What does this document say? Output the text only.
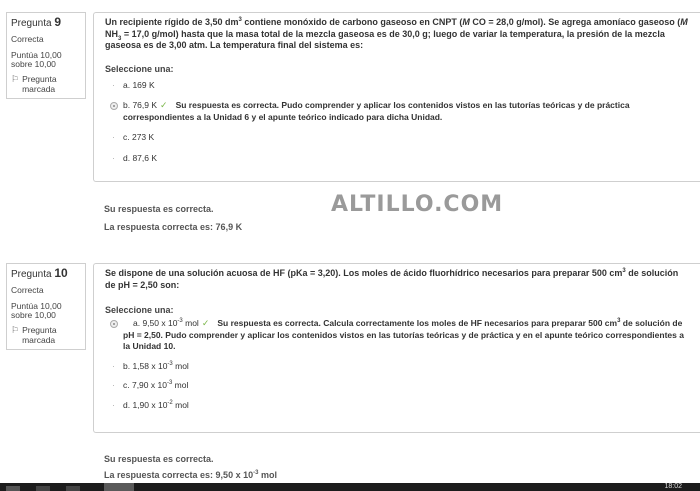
Pregunta 9
Correcta
Puntúa 10,00 sobre 10,00
⚐ Pregunta marcada

Un recipiente rígido de 3,50 $dm^3$ contiene monóxido de carbono gaseoso en CNPT (M CO = 28,0 g/mol). Se agrega amoníaco gaseoso (M $NH_3 = 17,0$ g/mol) hasta que la masa total de la mezcla gaseosa es de 30,0 g; luego de variar la temperatura, la presión de la mezcla gaseosa es de 3,00 atm. La temperatura final del sistema es:

Seleccione una:

a. 169 K
b. 76,9 K ✓ Su respuesta es correcta. Pudo comprender y aplicar los contenidos vistos en las tutorías teóricas y de práctica correspondientes a la Unidad 6 y el apunte teórico indicado para dicha Unidad.
c. 273 K
d. 87,6 K
Su respuesta es correcta.
La respuesta correcta es: 76,9 K
ALTILLO.COM
Pregunta 10
Correcta
Puntúa 10,00 sobre 10,00
⚐ Pregunta marcada

Se dispone de una solución acuosa de HF (pKa = 3,20). Los moles de ácido fluorhídrico necesarios para preparar 500 $cm^3$ de solución de pH = 2,50 son:

Seleccione una:

a. 9,50 x $10^{-3}$ mol ✓ Su respuesta es correcta. Calcula correctamente los moles de HF necesarios para preparar 500 $cm^3$ de solución de pH = 2,50. Pudo comprender y aplicar los contenidos vistos en las tutorías teóricas y de práctica y en el apunte teórico correspondientes a la Unidad 10.
b. 1,58 x $10^{-3}$ mol
c. 7,90 x $10^{-3}$ mol
d. 1,90 x $10^{-2}$ mol
Su respuesta es correcta.
La respuesta correcta es: 9,50 x $10^{-3}$ mol
18:02
